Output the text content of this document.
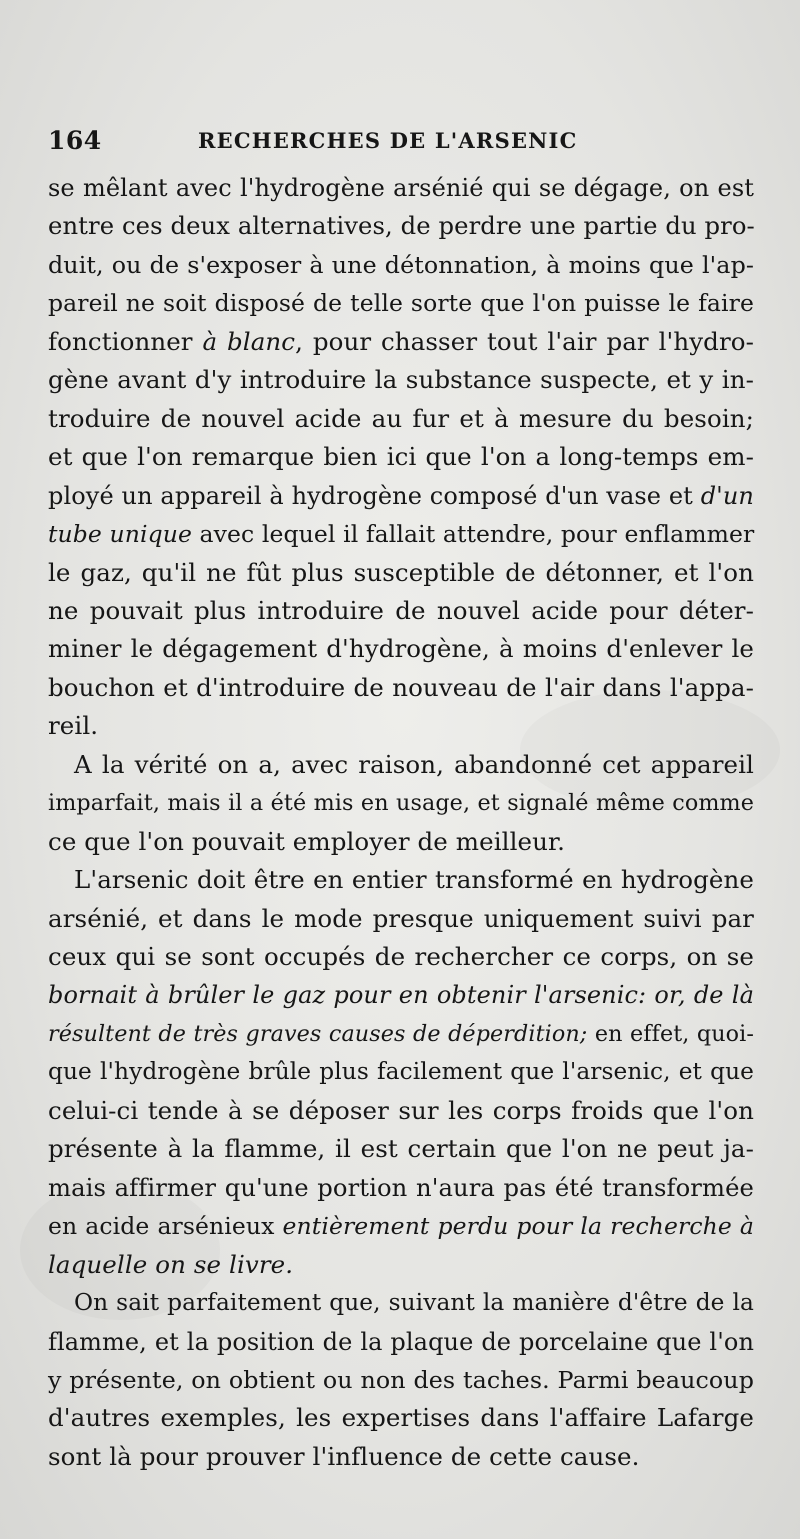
164	RECHERCHES DE L'ARSENIC
se mêlant avec l'hydrogène arsénié qui se dégage, on est
entre ces deux alternatives, de perdre une partie du pro-
duit, ou de s'exposer à une détonnation, à moins que l'ap-
pareil ne soit disposé de telle sorte que l'on puisse le faire
fonctionner à blanc, pour chasser tout l'air par l'hydro-
gène avant d'y introduire la substance suspecte, et y in-
troduire de nouvel acide au fur et à mesure du besoin;
et que l'on remarque bien ici que l'on a long-temps em-
ployé un appareil à hydrogène composé d'un vase et d'un
tube unique avec lequel il fallait attendre, pour enflammer
le gaz, qu'il ne fût plus susceptible de détonner, et l'on
ne pouvait plus introduire de nouvel acide pour déter-
miner le dégagement d'hydrogène, à moins d'enlever le
bouchon et d'introduire de nouveau de l'air dans l'appa-
reil.
A la vérité on a, avec raison, abandonné cet appareil
imparfait, mais il a été mis en usage, et signalé même comme
ce que l'on pouvait employer de meilleur.
L'arsenic doit être en entier transformé en hydrogène
arsénié, et dans le mode presque uniquement suivi par
ceux qui se sont occupés de rechercher ce corps, on se
bornait à brûler le gaz pour en obtenir l'arsenic: or, de là
résultent de très graves causes de déperdition; en effet, quoi-
que l'hydrogène brûle plus facilement que l'arsenic, et que
celui-ci tende à se déposer sur les corps froids que l'on
présente à la flamme, il est certain que l'on ne peut ja-
mais affirmer qu'une portion n'aura pas été transformée
en acide arsénieux entièrement perdu pour la recherche à
laquelle on se livre.
On sait parfaitement que, suivant la manière d'être de la
flamme, et la position de la plaque de porcelaine que l'on
y présente, on obtient ou non des taches. Parmi beaucoup
d'autres exemples, les expertises dans l'affaire Lafarge
sont là pour prouver l'influence de cette cause.
